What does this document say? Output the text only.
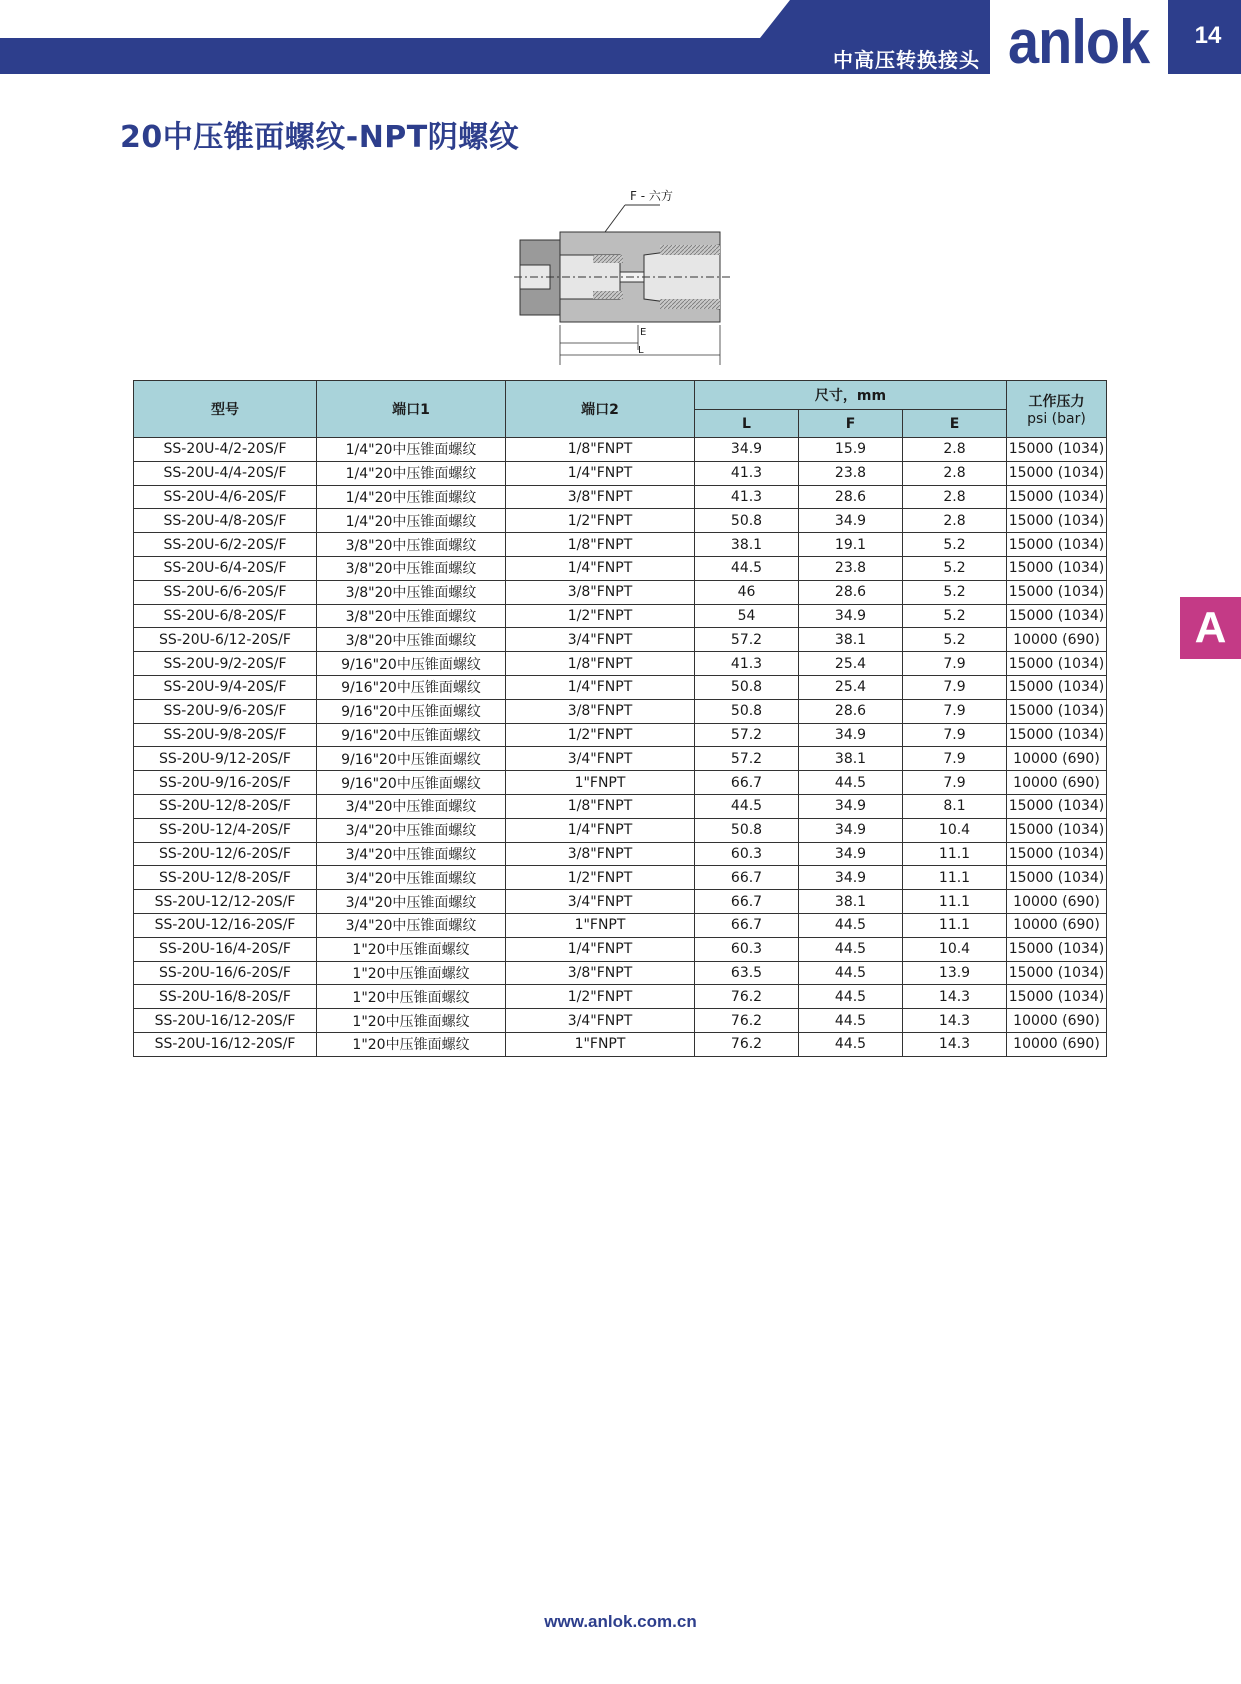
中高压转换接头 anlok	14
20中压锥面螺纹-NPT阴螺纹
F - 六方
E
L
型号	端口1	端口2	尺寸，mm			工作压力
psi (bar)

			L	F	E	
SS-20U-4/2-20S/F	1/4"20中压锥面螺纹	1/8"FNPT	34.9	15.9	2.8	15000 (1034)
SS-20U-4/4-20S/F	1/4"20中压锥面螺纹	1/4"FNPT	41.3	23.8	2.8	15000 (1034)
SS-20U-4/6-20S/F	1/4"20中压锥面螺纹	3/8"FNPT	41.3	28.6	2.8	15000 (1034)
SS-20U-4/8-20S/F	1/4"20中压锥面螺纹	1/2"FNPT	50.8	34.9	2.8	15000 (1034)
SS-20U-6/2-20S/F	3/8"20中压锥面螺纹	1/8"FNPT	38.1	19.1	5.2	15000 (1034)
SS-20U-6/4-20S/F	3/8"20中压锥面螺纹	1/4"FNPT	44.5	23.8	5.2	15000 (1034)
SS-20U-6/6-20S/F	3/8"20中压锥面螺纹	3/8"FNPT	46	28.6	5.2	15000 (1034)
SS-20U-6/8-20S/F	3/8"20中压锥面螺纹	1/2"FNPT	54	34.9	5.2	15000 (1034)
SS-20U-6/12-20S/F	3/8"20中压锥面螺纹	3/4"FNPT	57.2	38.1	5.2	10000 (690)
SS-20U-9/2-20S/F	9/16"20中压锥面螺纹	1/8"FNPT	41.3	25.4	7.9	15000 (1034)
SS-20U-9/4-20S/F	9/16"20中压锥面螺纹	1/4"FNPT	50.8	25.4	7.9	15000 (1034)
SS-20U-9/6-20S/F	9/16"20中压锥面螺纹	3/8"FNPT	50.8	28.6	7.9	15000 (1034)
SS-20U-9/8-20S/F	9/16"20中压锥面螺纹	1/2"FNPT	57.2	34.9	7.9	15000 (1034)
SS-20U-9/12-20S/F	9/16"20中压锥面螺纹	3/4"FNPT	57.2	38.1	7.9	10000 (690)
SS-20U-9/16-20S/F	9/16"20中压锥面螺纹	1"FNPT	66.7	44.5	7.9	10000 (690)
SS-20U-12/8-20S/F	3/4"20中压锥面螺纹	1/8"FNPT	44.5	34.9	8.1	15000 (1034)
SS-20U-12/4-20S/F	3/4"20中压锥面螺纹	1/4"FNPT	50.8	34.9	10.4	15000 (1034)
SS-20U-12/6-20S/F	3/4"20中压锥面螺纹	3/8"FNPT	60.3	34.9	11.1	15000 (1034)
SS-20U-12/8-20S/F	3/4"20中压锥面螺纹	1/2"FNPT	66.7	34.9	11.1	15000 (1034)
SS-20U-12/12-20S/F	3/4"20中压锥面螺纹	3/4"FNPT	66.7	38.1	11.1	10000 (690)
SS-20U-12/16-20S/F	3/4"20中压锥面螺纹	1"FNPT	66.7	44.5	11.1	10000 (690)
SS-20U-16/4-20S/F	1"20中压锥面螺纹	1/4"FNPT	60.3	44.5	10.4	15000 (1034)
SS-20U-16/6-20S/F	1"20中压锥面螺纹	3/8"FNPT	63.5	44.5	13.9	15000 (1034)
SS-20U-16/8-20S/F	1"20中压锥面螺纹	1/2"FNPT	76.2	44.5	14.3	15000 (1034)
SS-20U-16/12-20S/F	1"20中压锥面螺纹	3/4"FNPT	76.2	44.5	14.3	10000 (690)
SS-20U-16/12-20S/F	1"20中压锥面螺纹	1"FNPT	76.2	44.5	14.3	10000 (690)
A
www.anlok.com.cn
